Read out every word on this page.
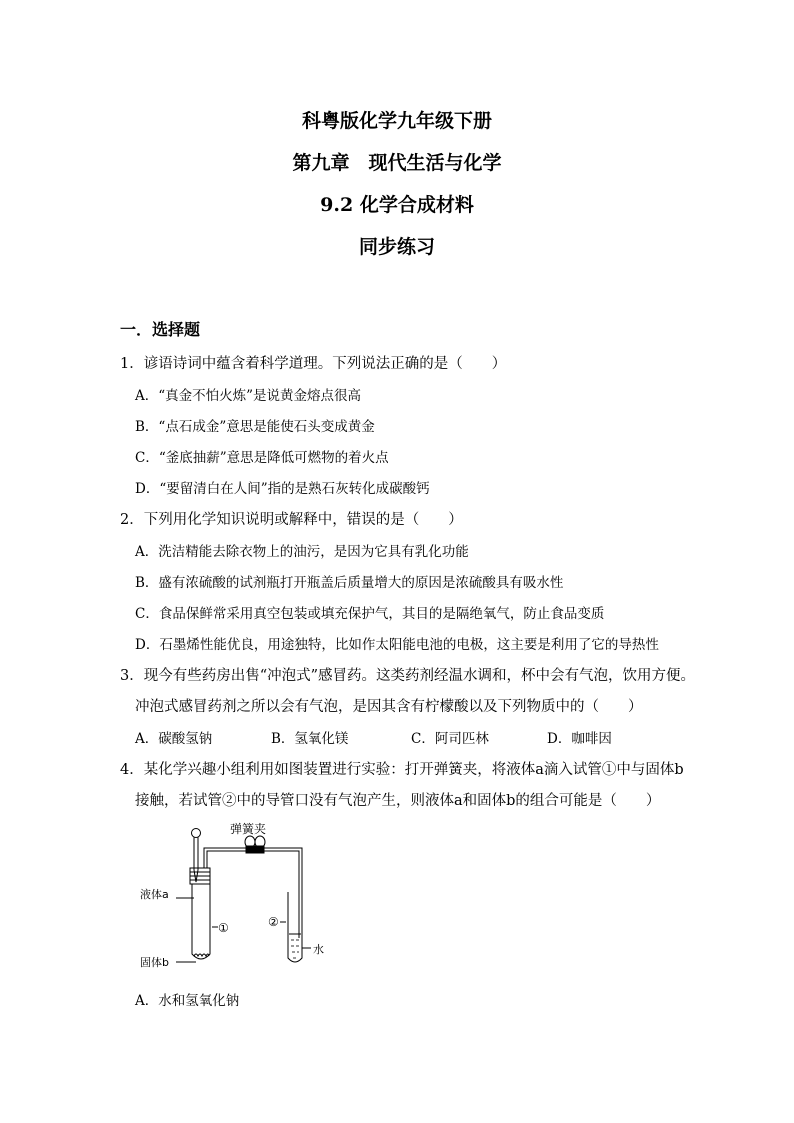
科粤版化学九年级下册
第九章　现代生活与化学
9.2 化学合成材料
同步练习
一．选择题
1．谚语诗词中蕴含着科学道理。下列说法正确的是（　　）
A．“真金不怕火炼”是说黄金熔点很高
B．“点石成金”意思是能使石头变成黄金
C．“釜底抽薪”意思是降低可燃物的着火点
D．“要留清白在人间”指的是熟石灰转化成碳酸钙
2．下列用化学知识说明或解释中，错误的是（　　）
A．洗洁精能去除衣物上的油污，是因为它具有乳化功能
B．盛有浓硫酸的试剂瓶打开瓶盖后质量增大的原因是浓硫酸具有吸水性
C．食品保鲜常采用真空包装或填充保护气，其目的是隔绝氧气，防止食品变质
D．石墨烯性能优良，用途独特，比如作太阳能电池的电极，这主要是利用了它的导热性
3．现今有些药房出售“冲泡式”感冒药。这类药剂经温水调和，杯中会有气泡，饮用方便。
冲泡式感冒药剂之所以会有气泡，是因其含有柠檬酸以及下列物质中的（　　）
A．碳酸氢钠	B．氢氧化镁	C．阿司匹林	D．咖啡因
4．某化学兴趣小组利用如图装置进行实验：打开弹簧夹，将液体a滴入试管①中与固体b
接触，若试管②中的导管口没有气泡产生，则液体a和固体b的组合可能是（　　）
弹簧夹
液体a
固体b
①	②
水
A．水和氢氧化钠
